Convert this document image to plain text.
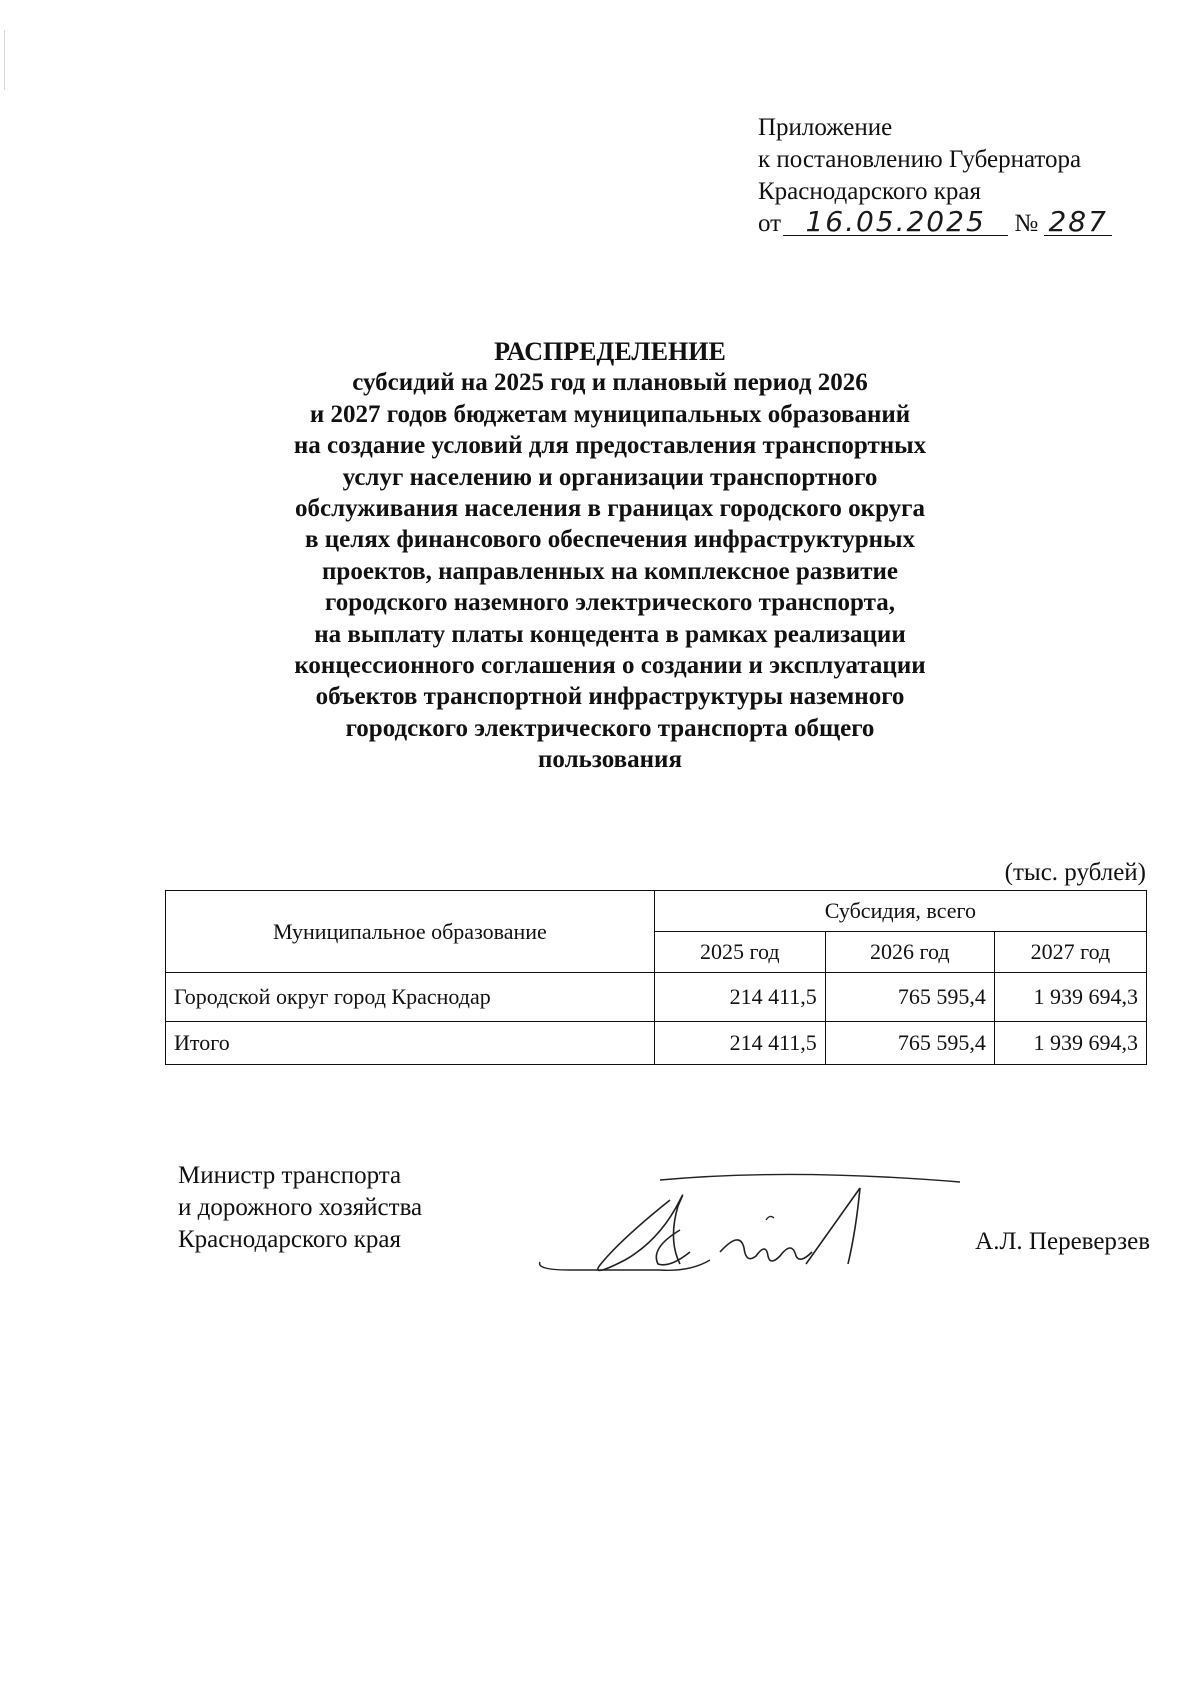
Приложение
к постановлению Губернатора
Краснодарского края
от 16.05.2025 № 287
РАСПРЕДЕЛЕНИЕ
субсидий на 2025 год и плановый период 2026
и 2027 годов бюджетам муниципальных образований
на создание условий для предоставления транспортных
услуг населению и организации транспортного
обслуживания населения в границах городского округа
в целях финансового обеспечения инфраструктурных
проектов, направленных на комплексное развитие
городского наземного электрического транспорта,
на выплату платы концедента в рамках реализации
концессионного соглашения о создании и эксплуатации
объектов транспортной инфраструктуры наземного
городского электрического транспорта общего
пользования
(тыс. рублей)
Муниципальное образование	Субсидия, всего		
	2025 год	2026 год	2027 год
Городской округ город Краснодар	214 411,5	765 595,4	1 939 694,3
Итого	214 411,5	765 595,4	1 939 694,3
Министр транспорта
и дорожного хозяйства
Краснодарского края	А.Л. Переверзев
